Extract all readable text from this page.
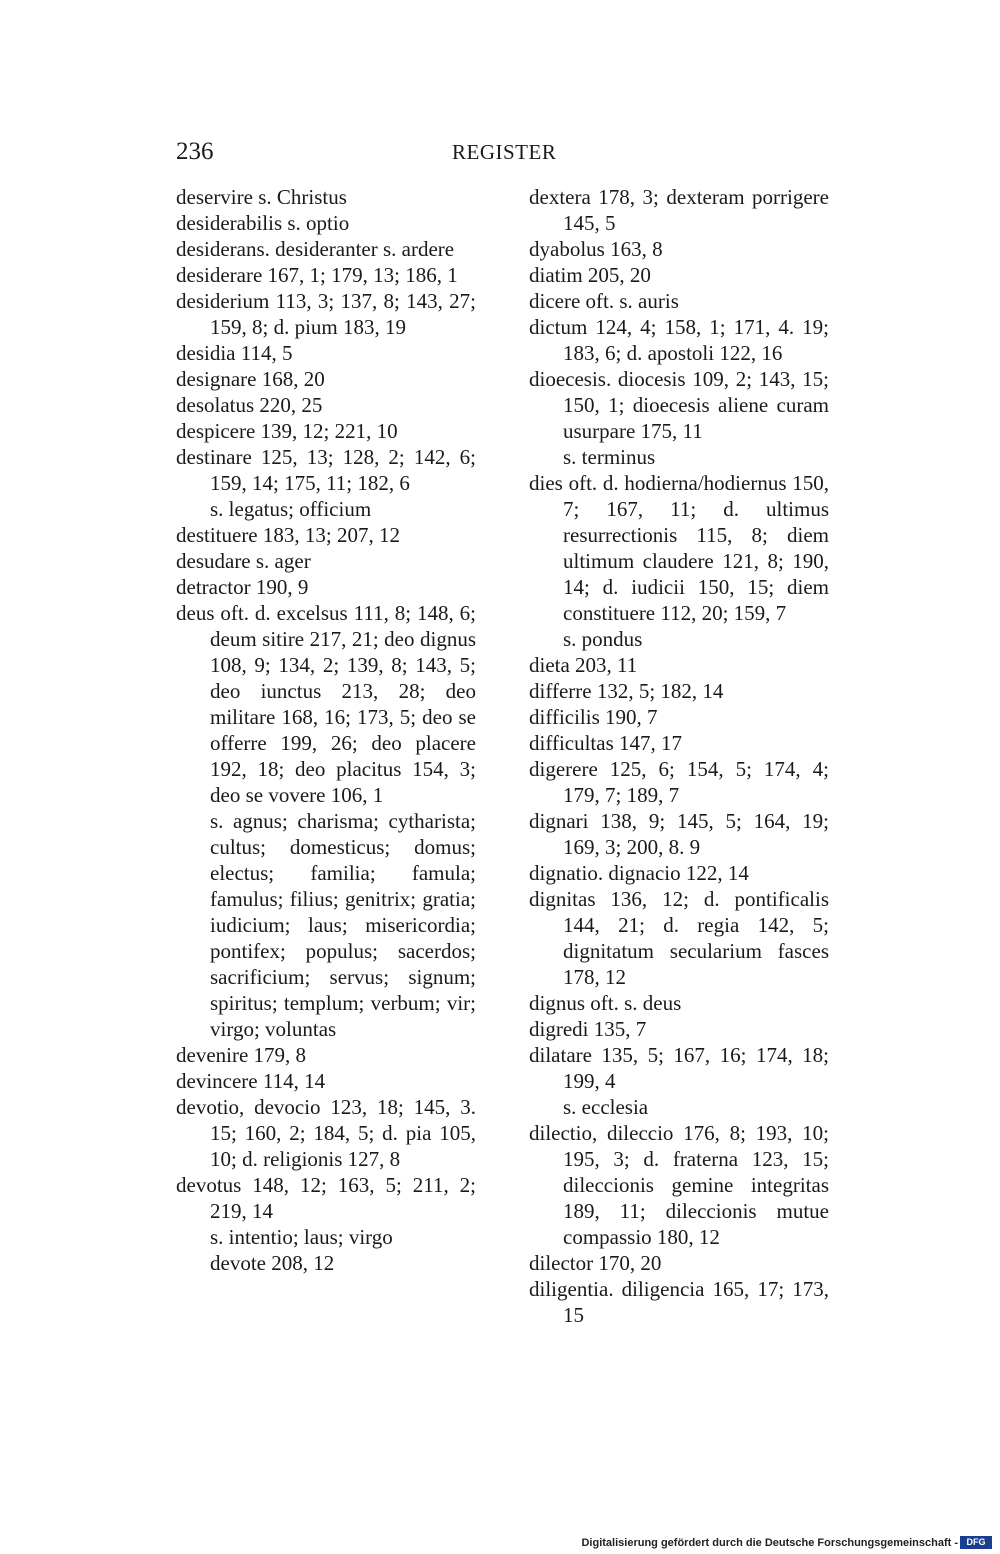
236	REGISTER
deservire s. Christus
desiderabilis s. optio
desiderans. desideranter s. ardere
desiderare 167, 1; 179, 13; 186, 1
desiderium 113, 3; 137, 8; 143, 27; 159, 8; d. pium 183, 19
desidia 114, 5
designare 168, 20
desolatus 220, 25
despicere 139, 12; 221, 10
destinare 125, 13; 128, 2; 142, 6; 159, 14; 175, 11; 182, 6
s. legatus; officium
destituere 183, 13; 207, 12
desudare s. ager
detractor 190, 9
deus oft. d. excelsus 111, 8; 148, 6; deum sitire 217, 21; deo dignus 108, 9; 134, 2; 139, 8; 143, 5; deo iunctus 213, 28; deo militare 168, 16; 173, 5; deo se offerre 199, 26; deo placere 192, 18; deo placitus 154, 3; deo se vovere 106, 1
s. agnus; charisma; cytharista; cultus; domesticus; domus; electus; familia; famula; famulus; filius; genitrix; gratia; iudicium; laus; misericordia; pontifex; populus; sacerdos; sacrificium; servus; signum; spiritus; templum; verbum; vir; virgo; voluntas
devenire 179, 8
devincere 114, 14
devotio, devocio 123, 18; 145, 3. 15; 160, 2; 184, 5; d. pia 105, 10; d. religionis 127, 8
devotus 148, 12; 163, 5; 211, 2; 219, 14
s. intentio; laus; virgo
devote 208, 12
dextera 178, 3; dexteram porrigere 145, 5
dyabolus 163, 8
diatim 205, 20
dicere oft. s. auris
dictum 124, 4; 158, 1; 171, 4. 19; 183, 6; d. apostoli 122, 16
dioecesis. diocesis 109, 2; 143, 15; 150, 1; dioecesis aliene curam usurpare 175, 11
s. terminus
dies oft. d. hodierna/hodiernus 150, 7; 167, 11; d. ultimus resurrectionis 115, 8; diem ultimum claudere 121, 8; 190, 14; d. iudicii 150, 15; diem constituere 112, 20; 159, 7
s. pondus
dieta 203, 11
differre 132, 5; 182, 14
difficilis 190, 7
difficultas 147, 17
digerere 125, 6; 154, 5; 174, 4; 179, 7; 189, 7
dignari 138, 9; 145, 5; 164, 19; 169, 3; 200, 8. 9
dignatio. dignacio 122, 14
dignitas 136, 12; d. pontificalis 144, 21; d. regia 142, 5; dignitatum secularium fasces 178, 12
dignus oft. s. deus
digredi 135, 7
dilatare 135, 5; 167, 16; 174, 18; 199, 4
s. ecclesia
dilectio, dileccio 176, 8; 193, 10; 195, 3; d. fraterna 123, 15; dileccionis gemine integritas 189, 11; dileccionis mutue compassio 180, 12
dilector 170, 20
diligentia. diligencia 165, 17; 173, 15
Digitalisierung gefördert durch die Deutsche Forschungsgemeinschaft - DFG
